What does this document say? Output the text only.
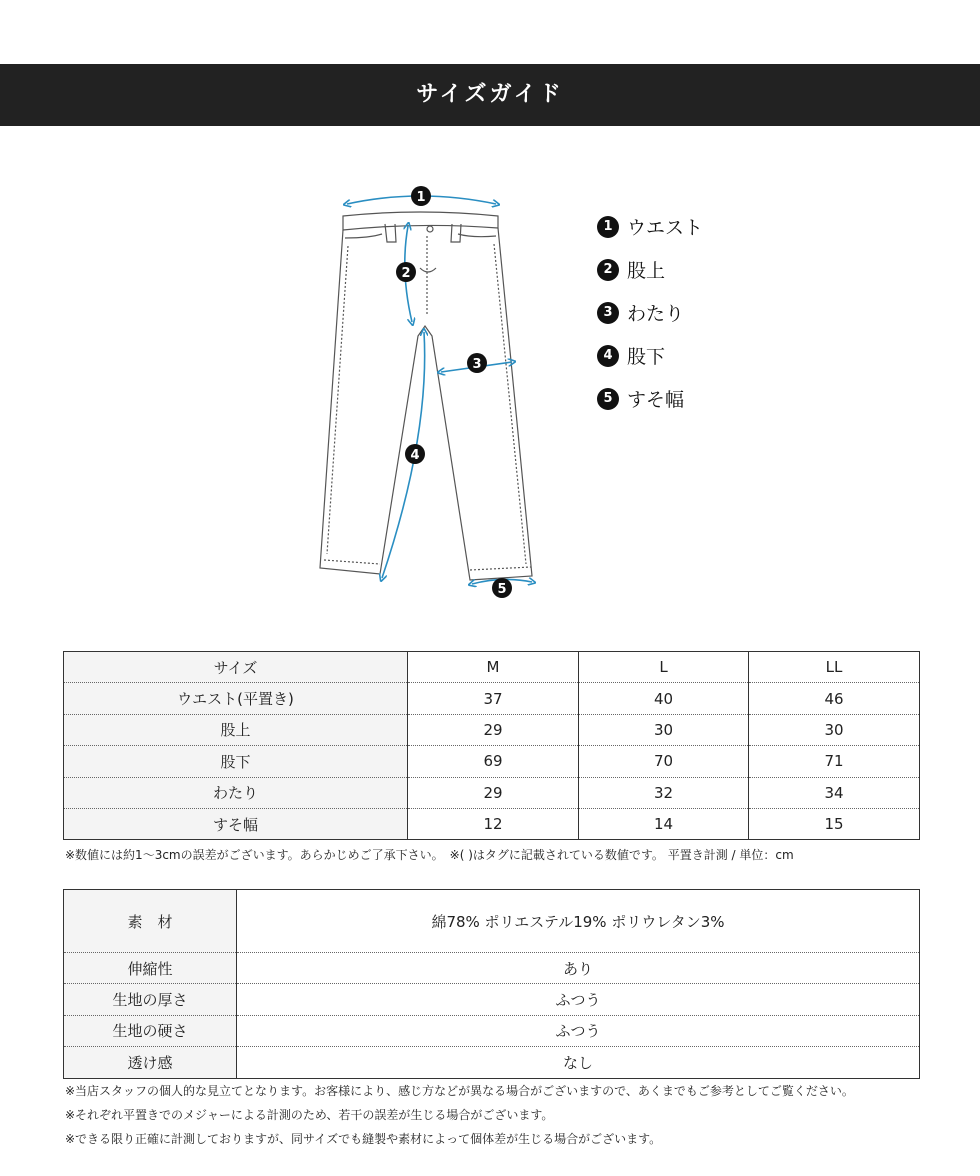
サイズガイド
1
2
3
4
5
1 ウエスト
2 股上
3 わたり
4 股下
5 すそ幅
サイズ	M	L	LL
ウエスト(平置き)	37	40	46
股上	29	30	30
股下	69	70	71
わたり	29	32	34
すそ幅	12	14	15
※数値には約1～3cmの誤差がございます。あらかじめご了承下さい。　※( )はタグに記載されている数値です。 平置き計測 / 単位：cm
素　材	綿78% ポリエステル19% ポリウレタン3%
伸縮性	あり
生地の厚さ	ふつう
生地の硬さ	ふつう
透け感	なし
※当店スタッフの個人的な見立てとなります。お客様により、感じ方などが異なる場合がございますので、あくまでもご参考としてご覧ください。
※それぞれ平置きでのメジャーによる計測のため、若干の誤差が生じる場合がございます。
※できる限り正確に計測しておりますが、同サイズでも縫製や素材によって個体差が生じる場合がございます。
